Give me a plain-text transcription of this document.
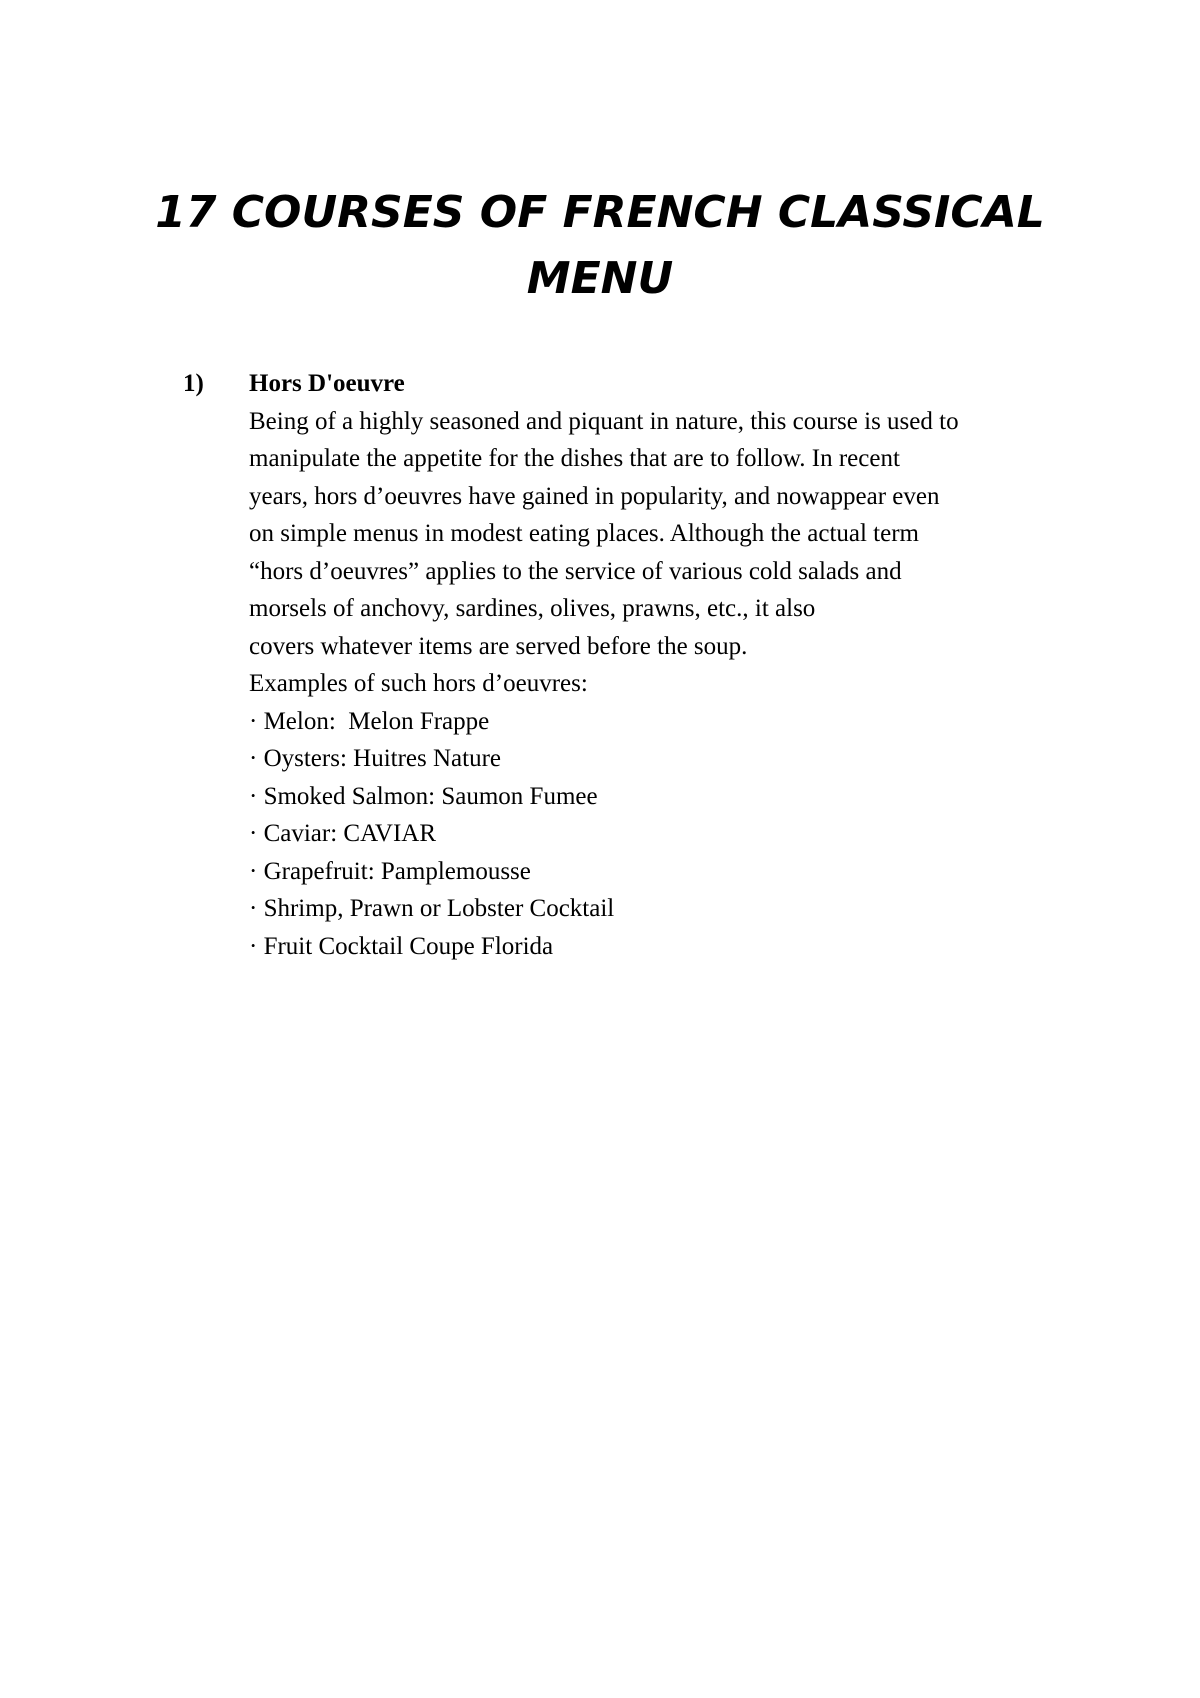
17 COURSES OF FRENCH CLASSICAL
MENU
1) Hors D'oeuvre
Being of a highly seasoned and piquant in nature, this course is used to
manipulate the appetite for the dishes that are to follow. In recent
years, hors d’oeuvres have gained in popularity, and nowappear even
on simple menus in modest eating places. Although the actual term
“hors d’oeuvres” applies to the service of various cold salads and
morsels of anchovy, sardines, olives, prawns, etc., it also
covers whatever items are served before the soup.
Examples of such hors d’oeuvres:
· Melon:  Melon Frappe
· Oysters: Huitres Nature
· Smoked Salmon: Saumon Fumee
· Caviar: CAVIAR
· Grapefruit: Pamplemousse
· Shrimp, Prawn or Lobster Cocktail
· Fruit Cocktail Coupe Florida
